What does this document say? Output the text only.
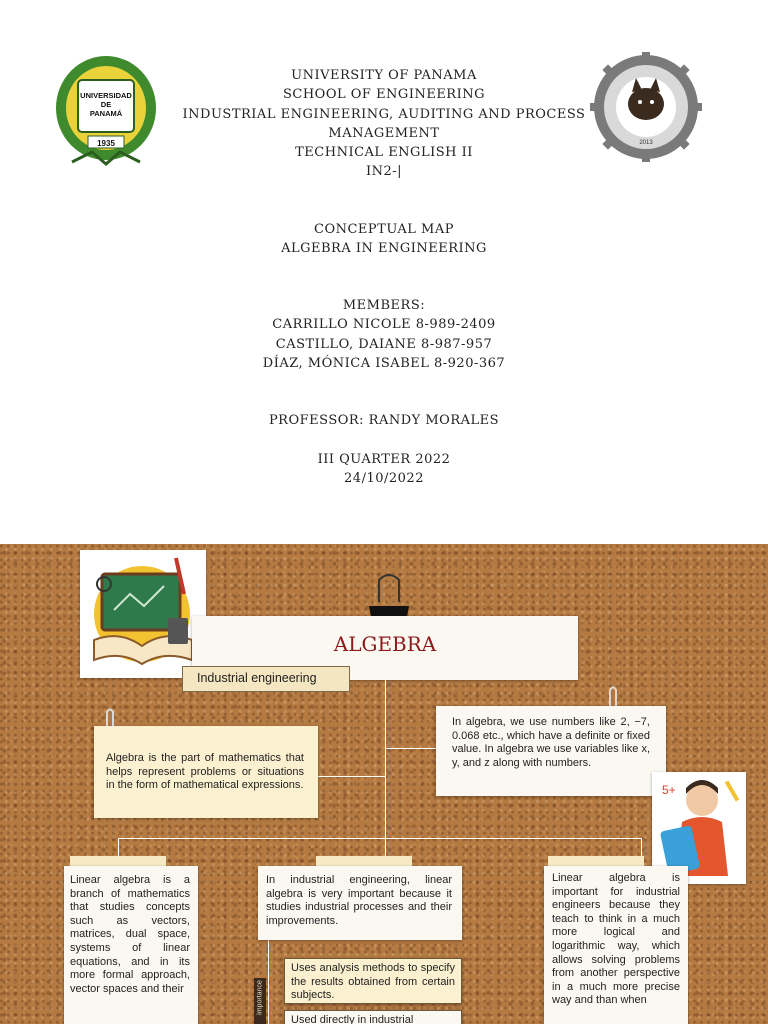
UNIVERSIDAD
DE
PANAMÁ
1935	2013
UNIVERSITY OF PANAMA
SCHOOL OF ENGINEERING
INDUSTRIAL ENGINEERING, AUDITING AND PROCESS
MANAGEMENT
TECHNICAL ENGLISH II
IN2-|
CONCEPTUAL MAP
ALGEBRA IN ENGINEERING
MEMBERS:
CARRILLO NICOLE 8-989-2409
CASTILLO, DAIANE 8-987-957
DÍAZ, MÓNICA ISABEL 8-920-367
PROFESSOR: RANDY MORALES
III QUARTER 2022
24/10/2022
ALGEBRA
Industrial engineering
Algebra is the part of mathematics that helps represent problems or situations in the form of mathematical expressions.
In algebra, we use numbers like 2, −7, 0.068 etc., which have a definite or fixed value. In algebra we use variables like x, y, and z along with numbers.
5+
Linear algebra is a branch of mathematics that studies concepts such as vectors, matrices, dual space, systems of linear equations, and in its more formal approach, vector spaces and their
In industrial engineering, linear algebra is very important because it studies industrial processes and their improvements.
importance
Uses analysis methods to specify the results obtained from certain subjects.
Used directly in industrial
Linear algebra is important for industrial engineers because they teach to think in a much more logical and logarithmic way, which allows solving problems from another perspective in a much more precise way and than when
